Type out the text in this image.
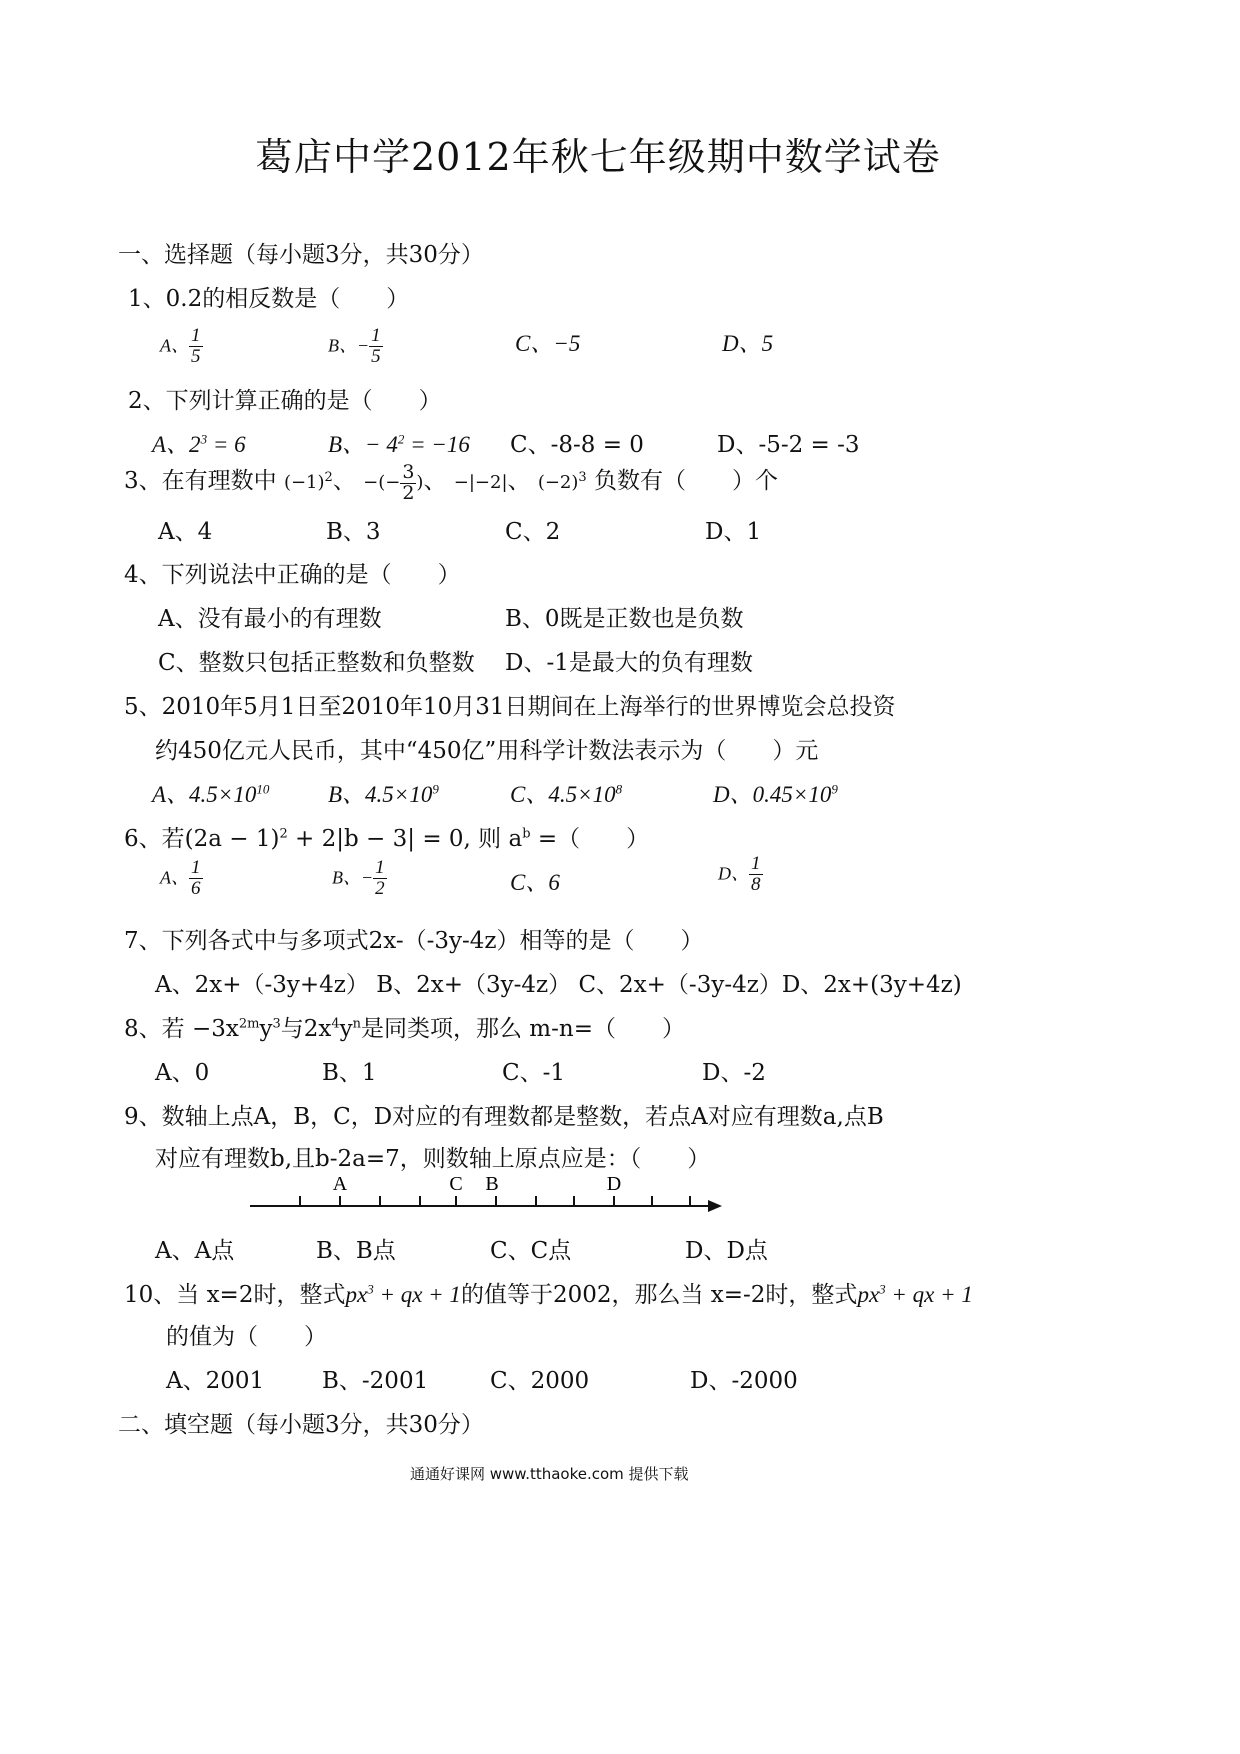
葛店中学2012年秋七年级期中数学试卷
一、选择题（每小题3分，共30分）
1、0.2的相反数是（　　）
A、 $\frac{1}{5}$	B、− $\frac{1}{5}$	C、−5	D、5
2、下列计算正确的是（　　）
A、$2^3 = 6$	B、− $4^2 = -16$ C、-8-8 = 0	D、-5-2 = -3
3、在有理数中 $(-1)^2$、 −(− $\frac{3}{2}$ )、 −|−2|、 $(-2)^3$ 负数有（　　）个
A、4	B、3	C、2	D、1
4、下列说法中正确的是（　　）
A、没有最小的有理数	B、0既是正数也是负数
C、整数只包括正整数和负整数 D、-1是最大的负有理数
5、2010年5月1日至2010年10月31日期间在上海举行的世界博览会总投资
约450亿元人民币，其中“450亿”用科学计数法表示为（　　）元
A、$4.5\times 10^{10}$	B、$4.5\times 10^9$	C、$4.5\times 10^8$	D、$0.45\times 10^9$
6、若$(2a - 1)^2 + 2|b - 3| = 0$, 则 $a^b$ =（　　）
A、 $\frac{1}{6}$	B、− $\frac{1}{2}$	C、6	D、 $\frac{1}{8}$
7、下列各式中与多项式2x-（-3y-4z）相等的是（　　）
A、2x+（-3y+4z） B、2x+（3y-4z） C、2x+（-3y-4z）D、2x+(3y+4z)
8、若 $-3x^{2m}y^3$与$2x^4y^n$是同类项，那么 m-n=（　　）
A、0	B、1	C、-1	D、-2
9、数轴上点A，B，C，D对应的有理数都是整数，若点A对应有理数a,点B
对应有理数b,且b-2a=7，则数轴上原点应是：（　　）
A	C B	D
A、A点	B、B点	C、C点	D、D点
10、当 x=2时，整式$px^3$ + qx + 1的值等于2002，那么当 x=-2时，整式$px^3$ + qx + 1
的值为（　　）
A、2001	B、-2001	C、2000	D、-2000
二、填空题（每小题3分，共30分）
通通好课网 www.tthaoke.com 提供下载
